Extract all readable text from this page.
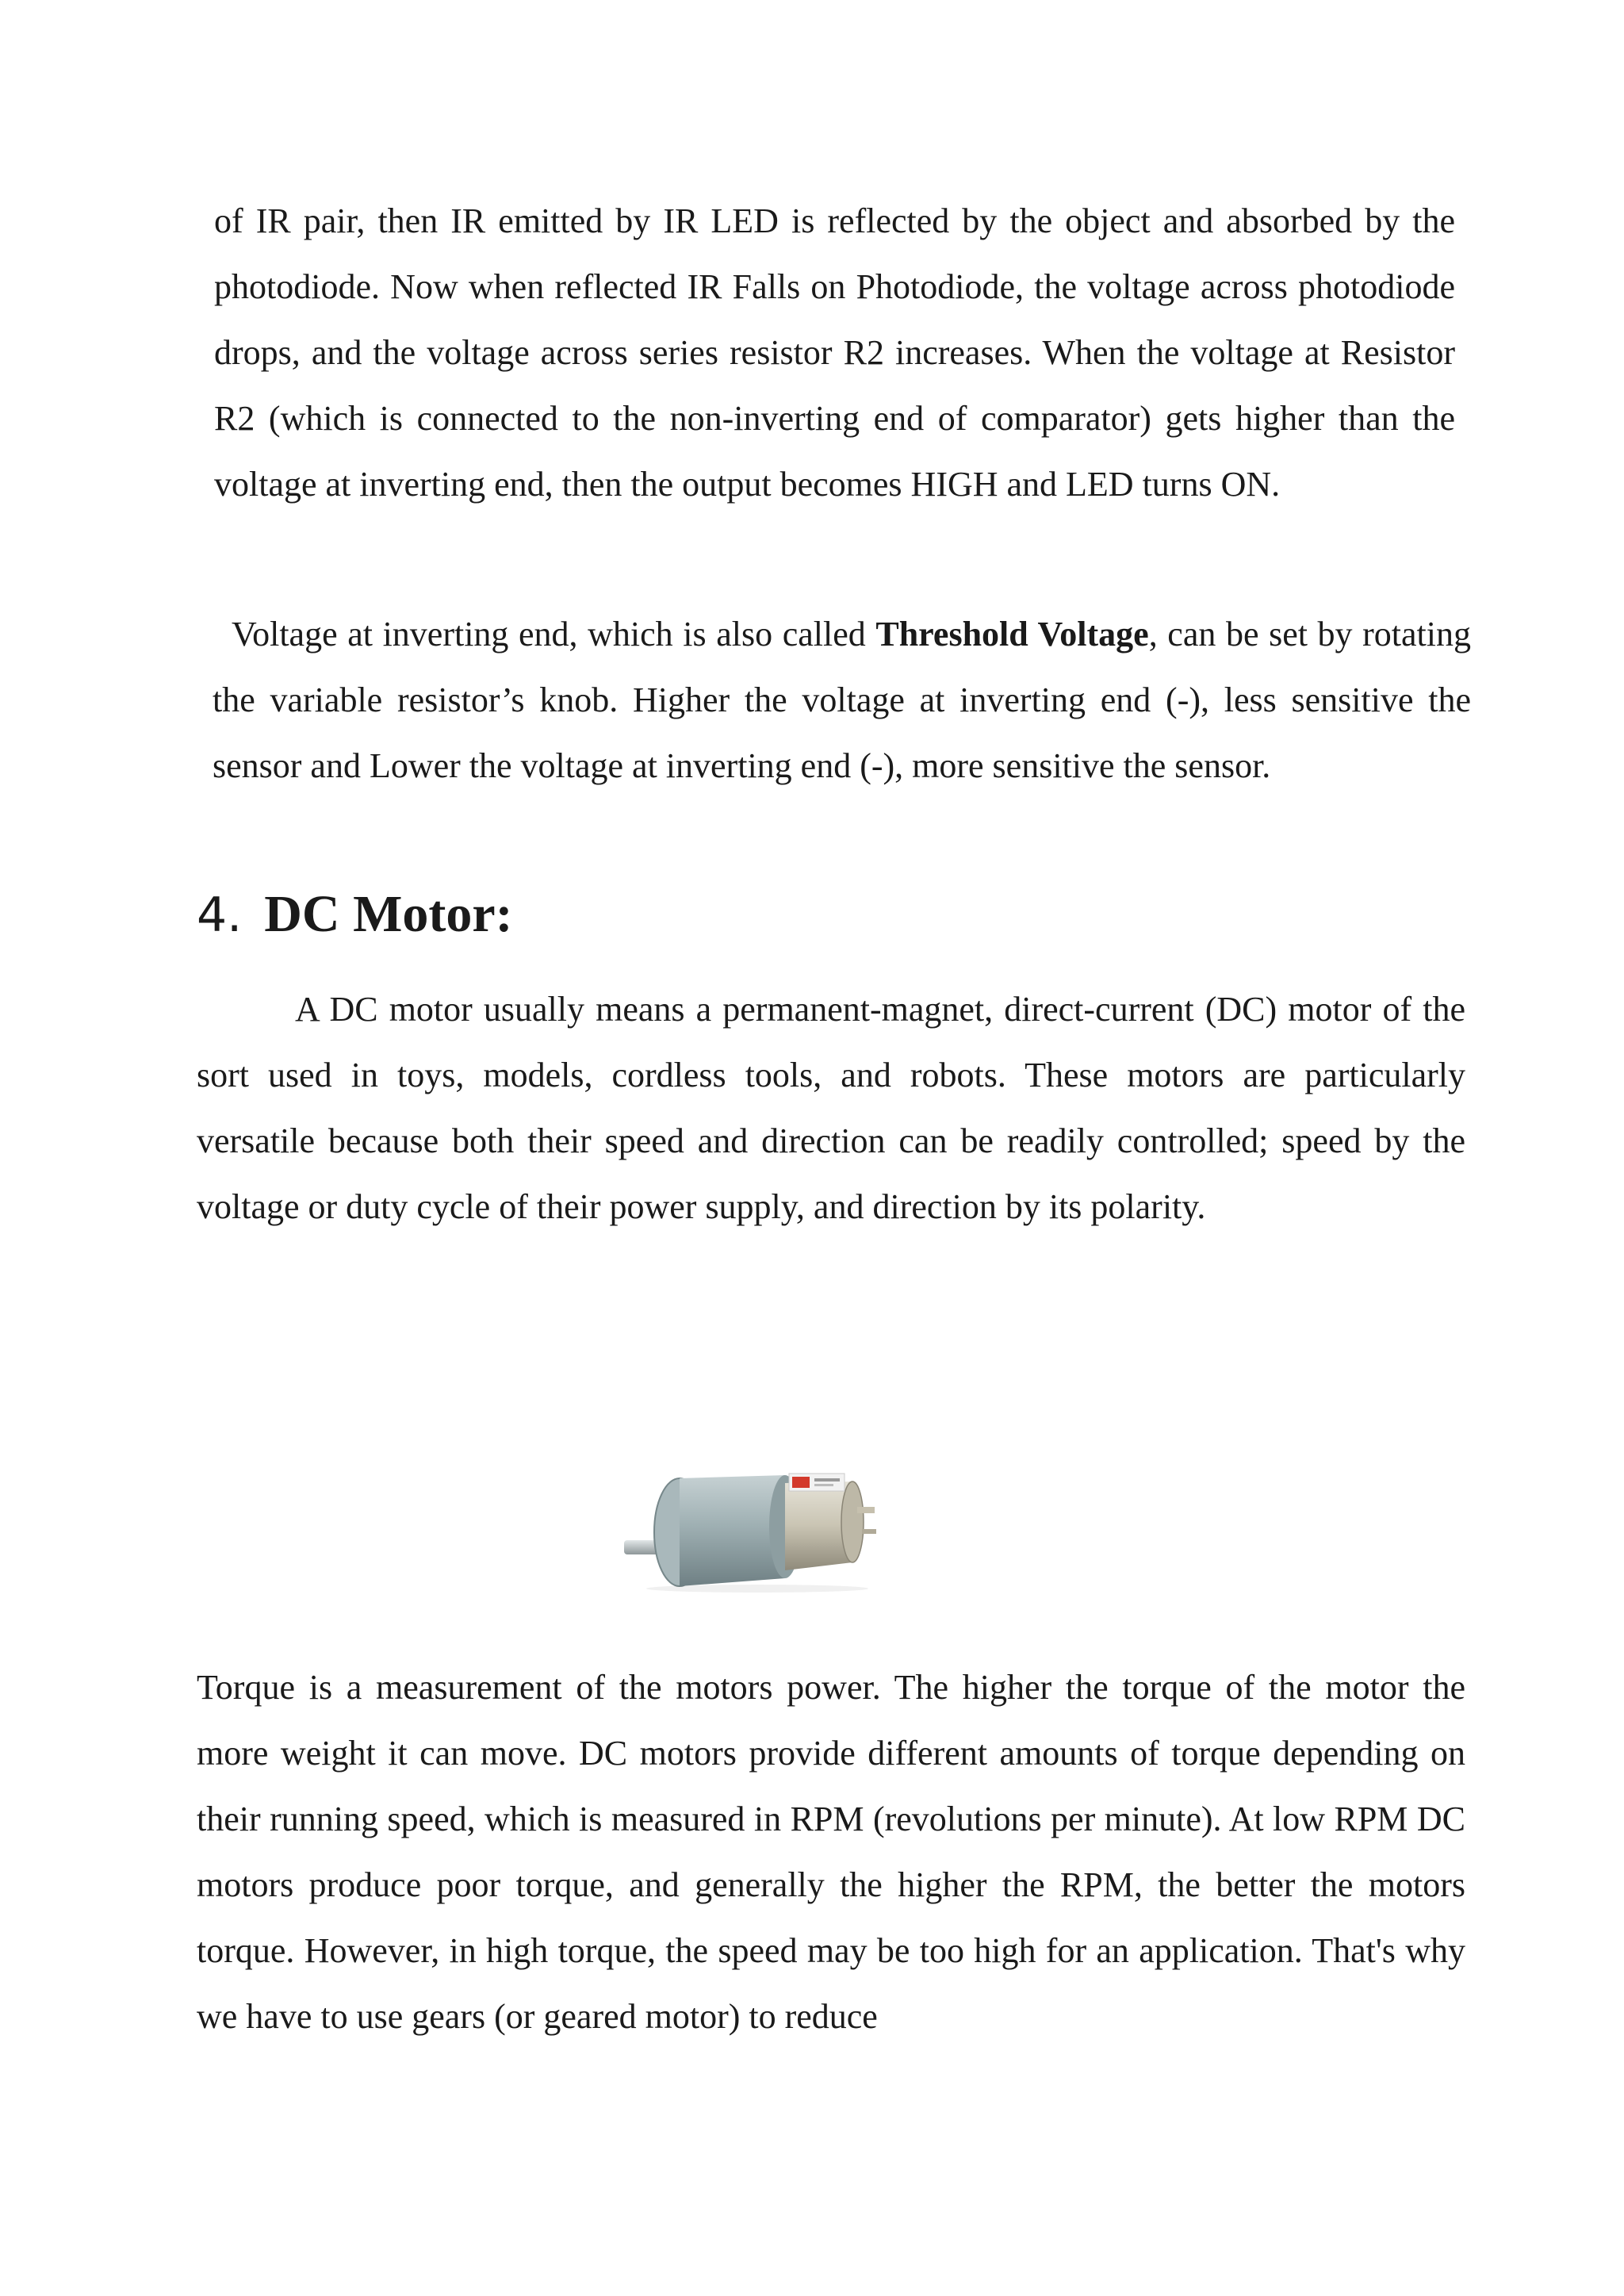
of IR pair, then IR emitted by IR LED is reflected by the object and absorbed by the photodiode. Now when reflected IR Falls on Photodiode, the voltage across photodiode drops, and the voltage across series resistor R2 increases. When the voltage at Resistor R2 (which is connected to the non-inverting end of comparator) gets higher than the voltage at inverting end, then the output becomes HIGH and LED turns ON.

Voltage at inverting end, which is also called Threshold Voltage, can be set by rotating the variable resistor’s knob. Higher the voltage at inverting end (-), less sensitive the sensor and Lower the voltage at inverting end (-), more sensitive the sensor.

4. DC Motor:

A DC motor usually means a permanent-magnet, direct-current (DC) motor of the sort used in toys, models, cordless tools, and robots. These motors are particularly versatile because both their speed and direction can be readily controlled; speed by the voltage or duty cycle of their power supply, and direction by its polarity.

Torque is a measurement of the motors power. The higher the torque of the motor the more weight it can move. DC motors provide different amounts of torque depending on their running speed, which is measured in RPM (revolutions per minute). At low RPM DC motors produce poor torque, and generally the higher the RPM, the better the motors torque. However, in high torque, the speed may be too high for an application. That's why we have to use gears (or geared motor) to reduce
